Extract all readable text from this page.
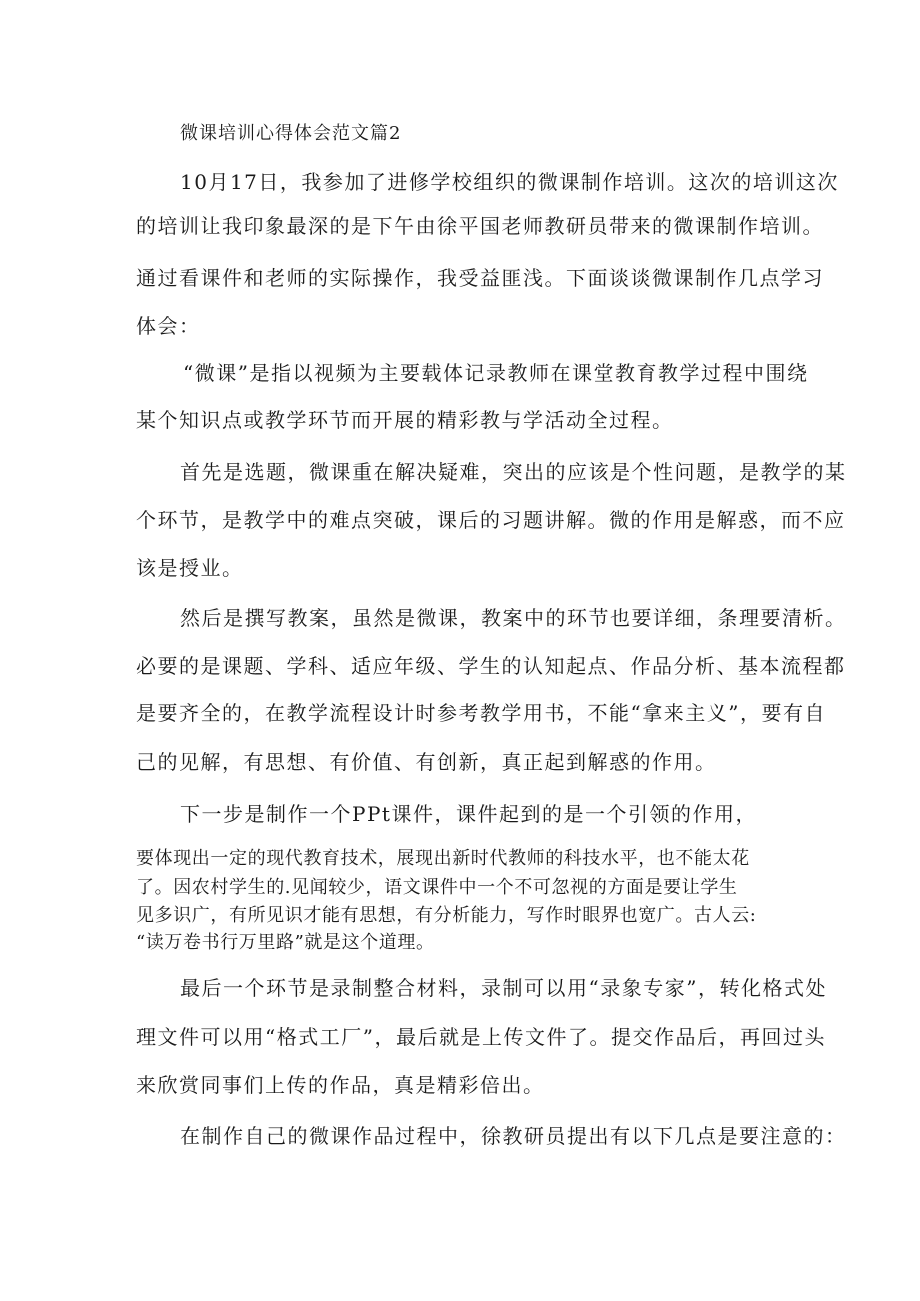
微课培训心得体会范文篇2
10月17日，我参加了进修学校组织的微课制作培训。这次的培训这次
的培训让我印象最深的是下午由徐平国老师教研员带来的微课制作培训。
通过看课件和老师的实际操作，我受益匪浅。下面谈谈微课制作几点学习
体会：
“微课”是指以视频为主要载体记录教师在课堂教育教学过程中围绕
某个知识点或教学环节而开展的精彩教与学活动全过程。
首先是选题，微课重在解决疑难，突出的应该是个性问题，是教学的某
个环节，是教学中的难点突破，课后的习题讲解。微的作用是解惑，而不应
该是授业。
然后是撰写教案，虽然是微课，教案中的环节也要详细，条理要清析。
必要的是课题、学科、适应年级、学生的认知起点、作品分析、基本流程都
是要齐全的，在教学流程设计时参考教学用书，不能“拿来主义”，要有自
己的见解，有思想、有价值、有创新，真正起到解惑的作用。
下一步是制作一个PPt课件，课件起到的是一个引领的作用，
要体现出一定的现代教育技术，展现出新时代教师的科技水平，也不能太花
了。因农村学生的.见闻较少，语文课件中一个不可忽视的方面是要让学生
见多识广，有所见识才能有思想，有分析能力，写作时眼界也宽广。古人云:
“读万卷书行万里路”就是这个道理。
最后一个环节是录制整合材料，录制可以用“录象专家”，转化格式处
理文件可以用“格式工厂”，最后就是上传文件了。提交作品后，再回过头
来欣赏同事们上传的作品，真是精彩倍出。
在制作自己的微课作品过程中，徐教研员提出有以下几点是要注意的：
